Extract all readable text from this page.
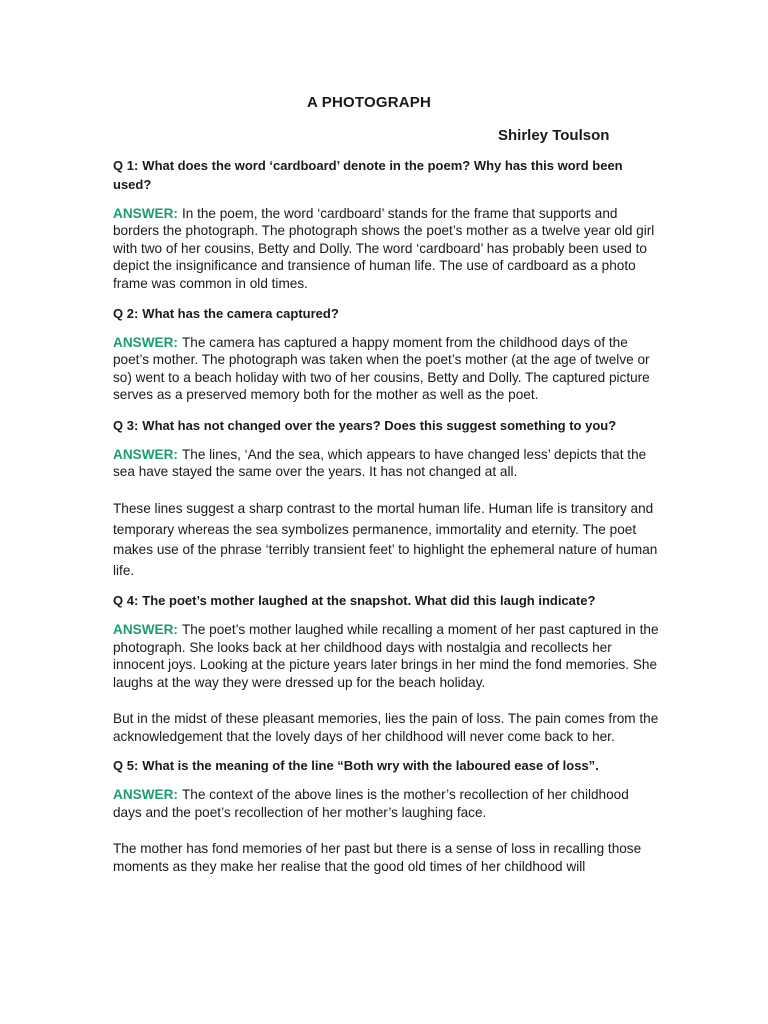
A PHOTOGRAPH
Shirley Toulson
Q 1: What does the word ‘cardboard’ denote in the poem? Why has this word been used?
ANSWER: In the poem, the word ‘cardboard’ stands for the frame that supports and borders the photograph. The photograph shows the poet’s mother as a twelve year old girl with two of her cousins, Betty and Dolly. The word ‘cardboard’ has probably been used to depict the insignificance and transience of human life. The use of cardboard as a photo frame was common in old times.
Q 2: What has the camera captured?
ANSWER: The camera has captured a happy moment from the childhood days of the poet’s mother. The photograph was taken when the poet’s mother (at the age of twelve or so) went to a beach holiday with two of her cousins, Betty and Dolly. The captured picture serves as a preserved memory both for the mother as well as the poet.
Q 3: What has not changed over the years? Does this suggest something to you?
ANSWER: The lines, ‘And the sea, which appears to have changed less’ depicts that the sea have stayed the same over the years. It has not changed at all.
These lines suggest a sharp contrast to the mortal human life. Human life is transitory and temporary whereas the sea symbolizes permanence, immortality and eternity. The poet makes use of the phrase ‘terribly transient feet’ to highlight the ephemeral nature of human life.
Q 4: The poet’s mother laughed at the snapshot. What did this laugh indicate?
ANSWER: The poet’s mother laughed while recalling a moment of her past captured in the photograph. She looks back at her childhood days with nostalgia and recollects her innocent joys. Looking at the picture years later brings in her mind the fond memories. She laughs at the way they were dressed up for the beach holiday.
But in the midst of these pleasant memories, lies the pain of loss. The pain comes from the acknowledgement that the lovely days of her childhood will never come back to her.
Q 5: What is the meaning of the line “Both wry with the laboured ease of loss”.
ANSWER: The context of the above lines is the mother’s recollection of her childhood days and the poet’s recollection of her mother’s laughing face.
The mother has fond memories of her past but there is a sense of loss in recalling those moments as they make her realise that the good old times of her childhood will
